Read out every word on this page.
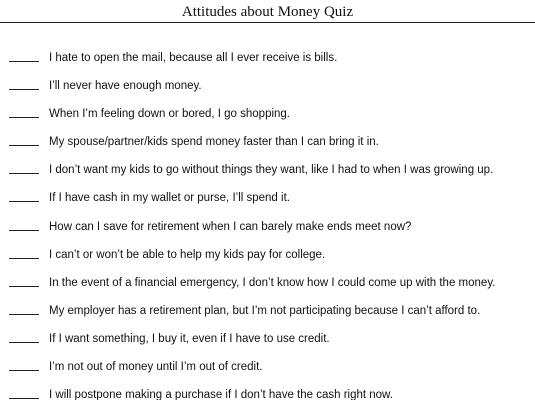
Attitudes about Money Quiz
I hate to open the mail, because all I ever receive is bills.
I’ll never have enough money.
When I’m feeling down or bored, I go shopping.
My spouse/partner/kids spend money faster than I can bring it in.
I don’t want my kids to go without things they want, like I had to when I was growing up.
If I have cash in my wallet or purse, I’ll spend it.
How can I save for retirement when I can barely make ends meet now?
I can’t or won’t be able to help my kids pay for college.
In the event of a financial emergency, I don’t know how I could come up with the money.
My employer has a retirement plan, but I’m not participating because I can’t afford to.
If I want something, I buy it, even if I have to use credit.
I’m not out of money until I’m out of credit.
I will postpone making a purchase if I don’t have the cash right now.
